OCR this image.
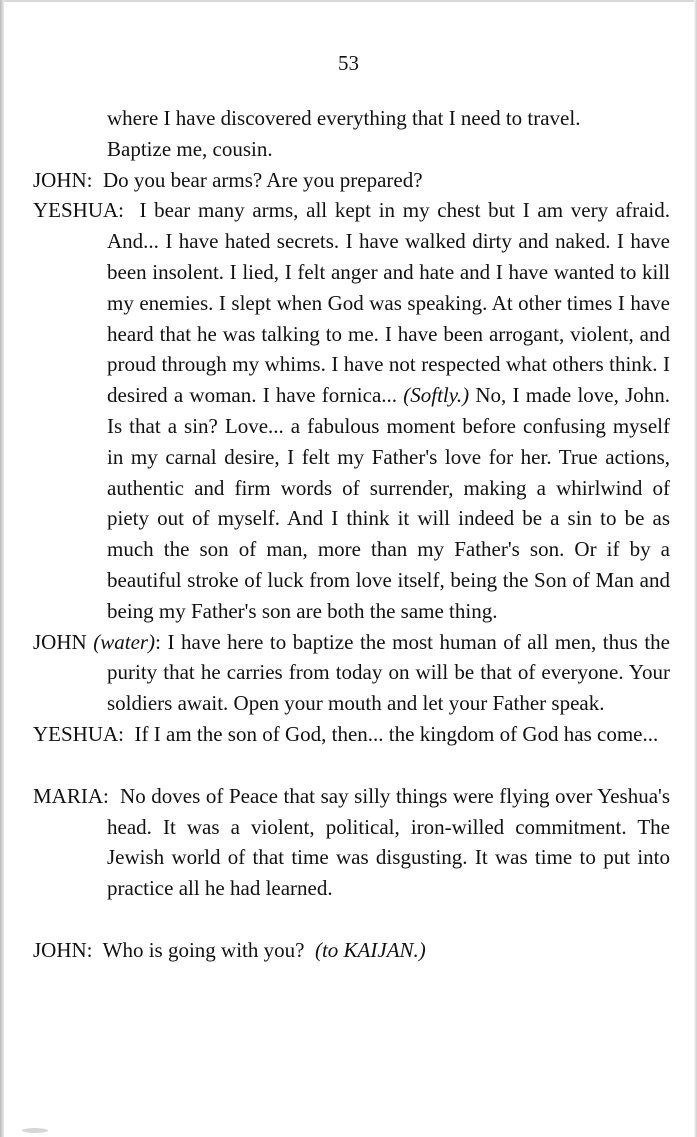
53

where I have discovered everything that I need to travel.

Baptize me, cousin.

JOHN: Do you bear arms? Are you prepared?

YESHUA: I bear many arms, all kept in my chest but I am very afraid. And... I have hated secrets. I have walked dirty and naked. I have been insolent. I lied, I felt anger and hate and I have wanted to kill my enemies. I slept when God was speaking. At other times I have heard that he was talking to me. I have been arrogant, violent, and proud through my whims. I have not respected what others think. I desired a woman. I have fornica... (Softly.) No, I made love, John. Is that a sin? Love... a fabulous moment before confusing myself in my carnal desire, I felt my Father's love for her. True actions, authentic and firm words of surrender, making a whirlwind of piety out of myself. And I think it will indeed be a sin to be as much the son of man, more than my Father's son. Or if by a beautiful stroke of luck from love itself, being the Son of Man and being my Father's son are both the same thing.

JOHN (water): I have here to baptize the most human of all men, thus the purity that he carries from today on will be that of everyone. Your soldiers await. Open your mouth and let your Father speak.

YESHUA: If I am the son of God, then... the kingdom of God has come...

MARIA: No doves of Peace that say silly things were flying over Yeshua's head. It was a violent, political, iron-willed commitment. The Jewish world of that time was disgusting. It was time to put into practice all he had learned.

JOHN: Who is going with you? (to KAIJAN.)
